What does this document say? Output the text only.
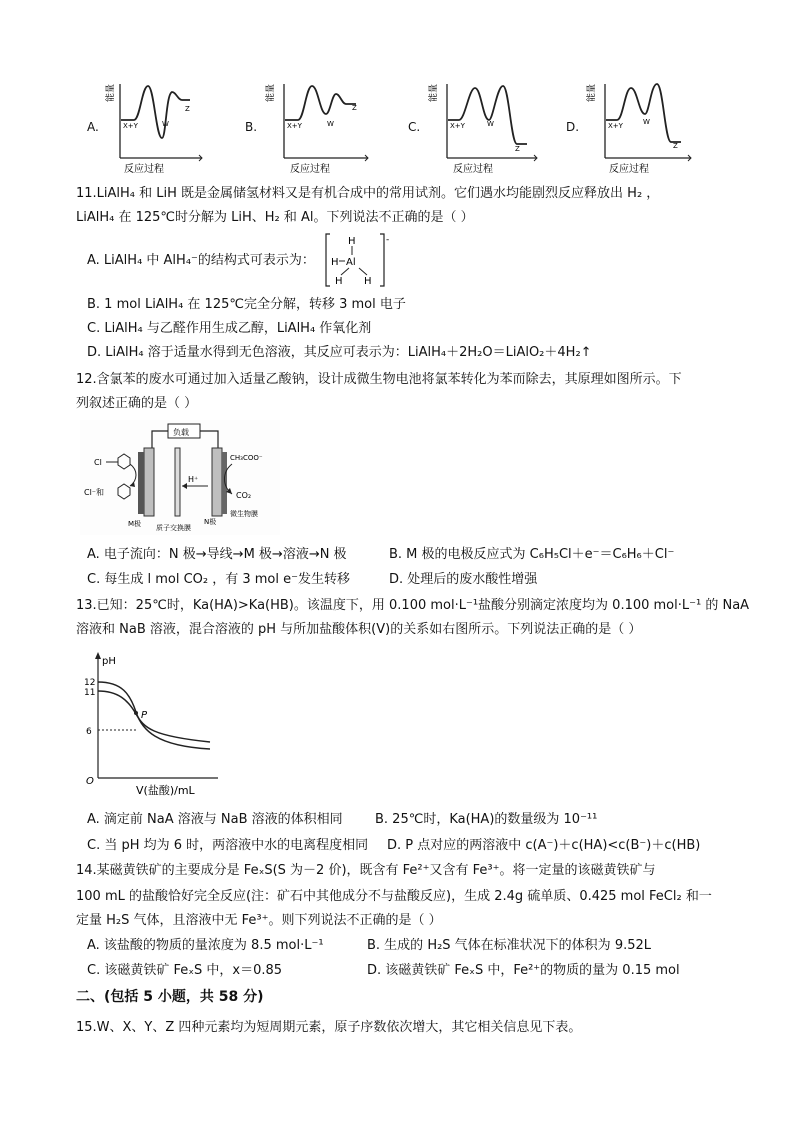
A.
能量
X+Y	W
Z
反应过程
B.
能量
X+Y	W
Z
反应过程
C.
能量
X+Y	W
Z
反应过程
D.
能量
X+Y	W
Z
反应过程
11.LiAlH₄ 和 LiH 既是金属储氢材料又是有机合成中的常用试剂。它们遇水均能剧烈反应释放出 H₂ ，
LiAlH₄ 在 125℃时分解为 LiH、H₂ 和 Al。下列说法不正确的是（ ）
A. LiAlH₄ 中 AlH₄⁻的结构式可表示为：
-
H
H Al
H H
B. 1 mol LiAlH₄ 在 125℃完全分解，转移 3 mol 电子
C. LiAlH₄ 与乙醛作用生成乙醇，LiAlH₄ 作氧化剂
D. LiAlH₄ 溶于适量水得到无色溶液，其反应可表示为：LiAlH₄＋2H₂O＝LiAlO₂＋4H₂↑
12.含氯苯的废水可通过加入适量乙酸钠，设计成微生物电池将氯苯转化为苯而除去，其原理如图所示。下
列叙述正确的是（ ）
负载
Cl
Cl⁻和
H⁺
CH₃COO⁻
CO₂
M极 质子交换膜
N极
微生物膜
A. 电子流向：N 极→导线→M 极→溶液→N 极	B. M 极的电极反应式为 C₆H₅Cl＋e⁻＝C₆H₆＋Cl⁻
C. 每生成 l mol CO₂ ，有 3 mol e⁻发生转移	D. 处理后的废水酸性增强
13.已知：25℃时，Ka(HA)>Ka(HB)。该温度下，用 0.100 mol·L⁻¹盐酸分别滴定浓度均为 0.100 mol·L⁻¹ 的 NaA
溶液和 NaB 溶液，混合溶液的 pH 与所加盐酸体积(V)的关系如右图所示。下列说法正确的是（ ）
pH
12
11
6
O
P
V(盐酸)/mL
A. 滴定前 NaA 溶液与 NaB 溶液的体积相同 B. 25℃时，Ka(HA)的数量级为 10⁻¹¹
C. 当 pH 均为 6 时，两溶液中水的电离程度相同 D. P 点对应的两溶液中 c(A⁻)＋c(HA)<c(B⁻)＋c(HB)
14.某磁黄铁矿的主要成分是 FeₓS(S 为－2 价)，既含有 Fe²⁺又含有 Fe³⁺。将一定量的该磁黄铁矿与
100 mL 的盐酸恰好完全反应(注：矿石中其他成分不与盐酸反应)，生成 2.4g 硫单质、0.425 mol FeCl₂ 和一
定量 H₂S 气体，且溶液中无 Fe³⁺。则下列说法不正确的是（ ）
A. 该盐酸的物质的量浓度为 8.5 mol·L⁻¹	B. 生成的 H₂S 气体在标准状况下的体积为 9.52L
C. 该磁黄铁矿 FeₓS 中，x＝0.85	D. 该磁黄铁矿 FeₓS 中，Fe²⁺的物质的量为 0.15 mol
二、(包括 5 小题，共 58 分)
15.W、X、Y、Z 四种元素均为短周期元素，原子序数依次增大，其它相关信息见下表。
